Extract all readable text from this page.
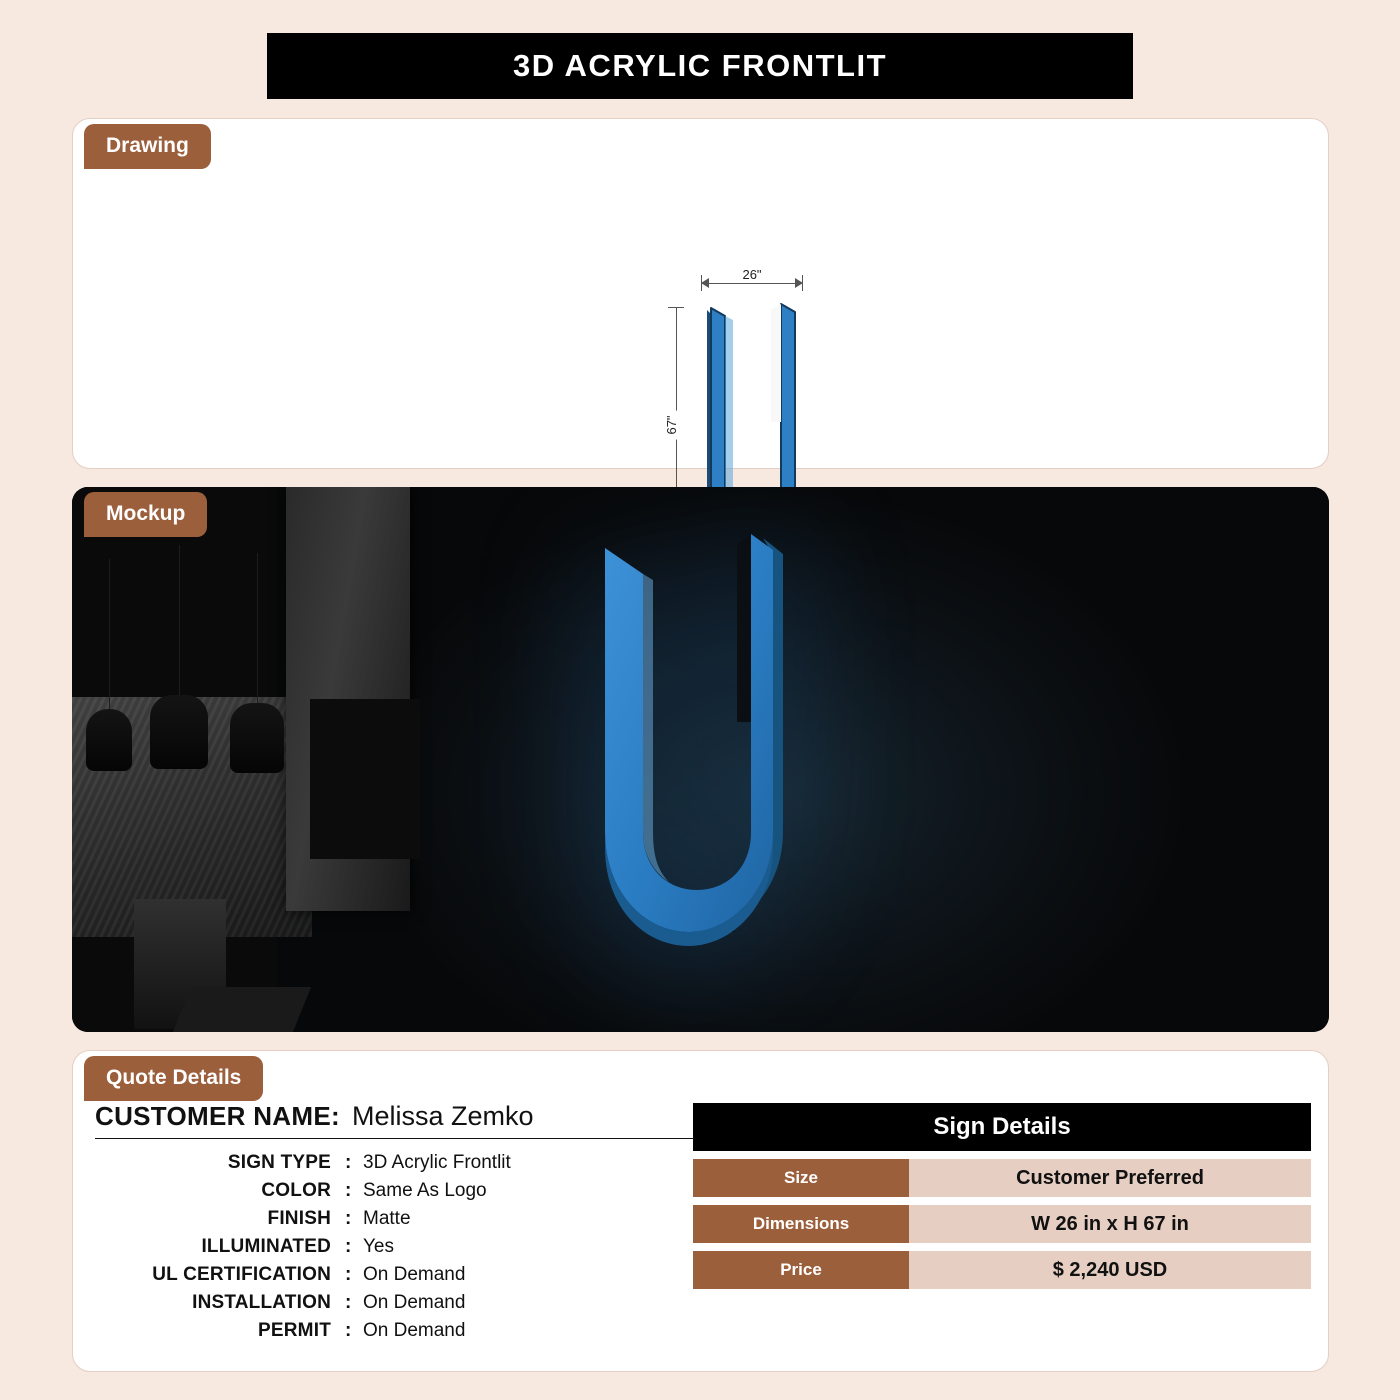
3D ACRYLIC FRONTLIT
Drawing
26"
67"
Mockup
Quote Details
CUSTOMER NAME: Melissa Zemko
SIGN TYPE	:	3D Acrylic Frontlit
COLOR	:	Same As Logo
FINISH	:	Matte
ILLUMINATED	:	Yes
UL CERTIFICATION	:	On Demand
INSTALLATION	:	On Demand
PERMIT	:	On Demand
Sign Details
Size	Customer Preferred
Dimensions	W 26 in x H 67 in
Price	$ 2,240 USD
